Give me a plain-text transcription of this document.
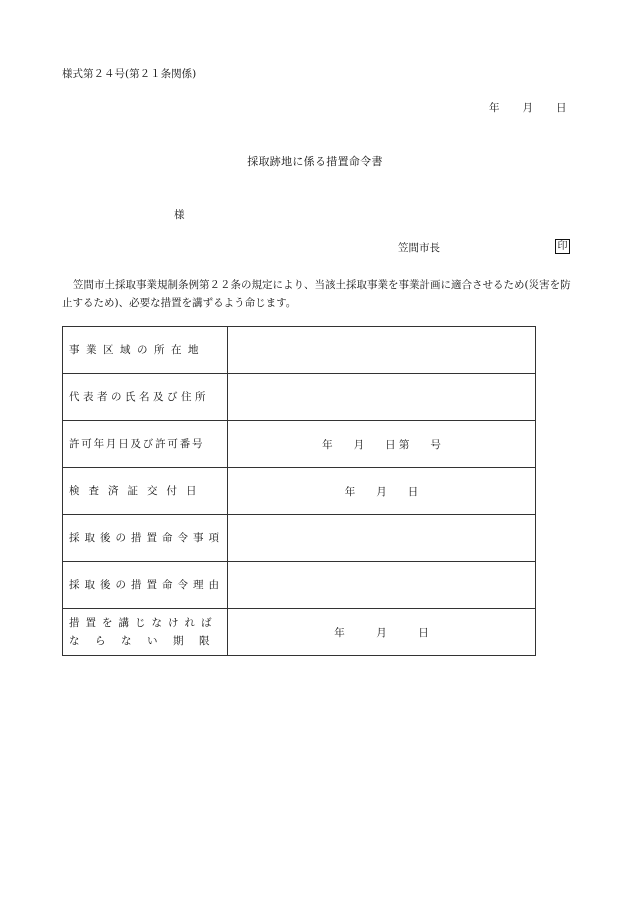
様式第２４号(第２１条関係)
年 月 日
採取跡地に係る措置命令書
様
笠間市長	印
笠間市土採取事業規制条例第２２条の規定により、当該土採取事業を事業計画に適合させるため(災害を防止するため)、必要な措置を講ずるよう命じます。
事業区域の所在地	
代表者の氏名及び住所	
許可年月日及び許可番号	年　　月　　日 第　　号
検査済証交付日	年　　月　　日
採取後の措置命令事項	
採取後の措置命令理由	

措置を講じなければ
ならない期限	年　　　月　　　日
